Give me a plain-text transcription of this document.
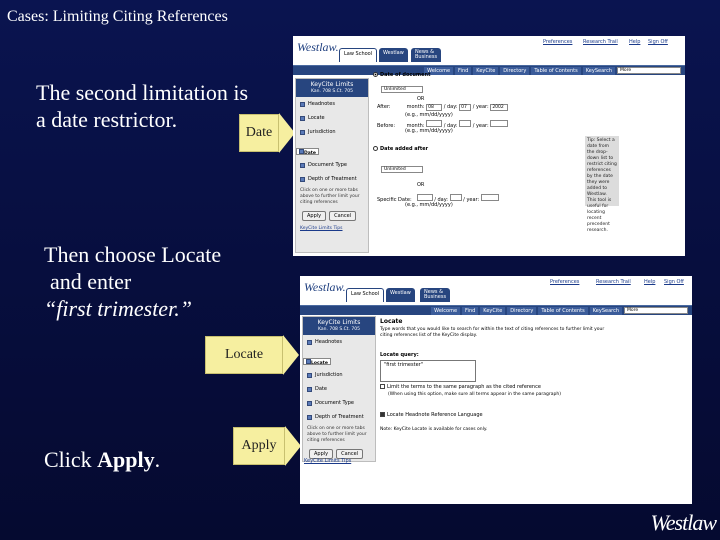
Cases: Limiting Citing References
The second limitation is
a date restrictor.
Then choose Locate
and enter
“first trimester.”
Click Apply.
Date
Locate
Apply
Westlaw.	Law School	Westlaw	News & Business
Preferences Research Trail Help Sign Off
Welcome	Find	KeyCite	Directory	Table of Contents	KeySearch	More
KeyCite Limits
Kan. 708 S.Ct. 705
Headnotes
Locate
Jurisdiction
Date
Document Type
Depth of Treatment
Click on one or more tabs above to further limit your citing references
Apply	Cancel
KeyCite Limits Tips
Date of document
Unlimited
OR
After:	month: 08 / day: 07 / year: 2002
(e.g., mm/dd/yyyy)
Before: month:	/ day:	/ year:
(e.g., mm/dd/yyyy)
Date added after
Unlimited
OR
Specific Date:	/ day:	/ year:
(e.g., mm/dd/yyyy)
Tip: Select a date from the drop-down list to restrict citing references by the date they were added to Westlaw. This tool is useful for locating recent precedent research.
Westlaw.	Law School	Westlaw	News & Business
Preferences	Research Trail	Help Sign Off
Welcome	Find	KeyCite	Directory	Table of Contents	KeySearch	More
KeyCite Limits
Kan. 708 S.Ct. 705
Headnotes
Locate
Jurisdiction
Date
Document Type
Depth of Treatment
Click on one or more tabs above to further limit your citing references
Apply	Cancel
KeyCite Limits Tips
Locate
Type words that you would like to search for within the text of citing references to further limit your citing references list of the KeyCite display.
Locate query:
"first trimester"
Limit the terms to the same paragraph as the cited reference
(When using this option, make sure all terms appear in the same paragraph)
Locate Headnote Reference Language
Note: KeyCite Locate is available for cases only.
Westlaw
